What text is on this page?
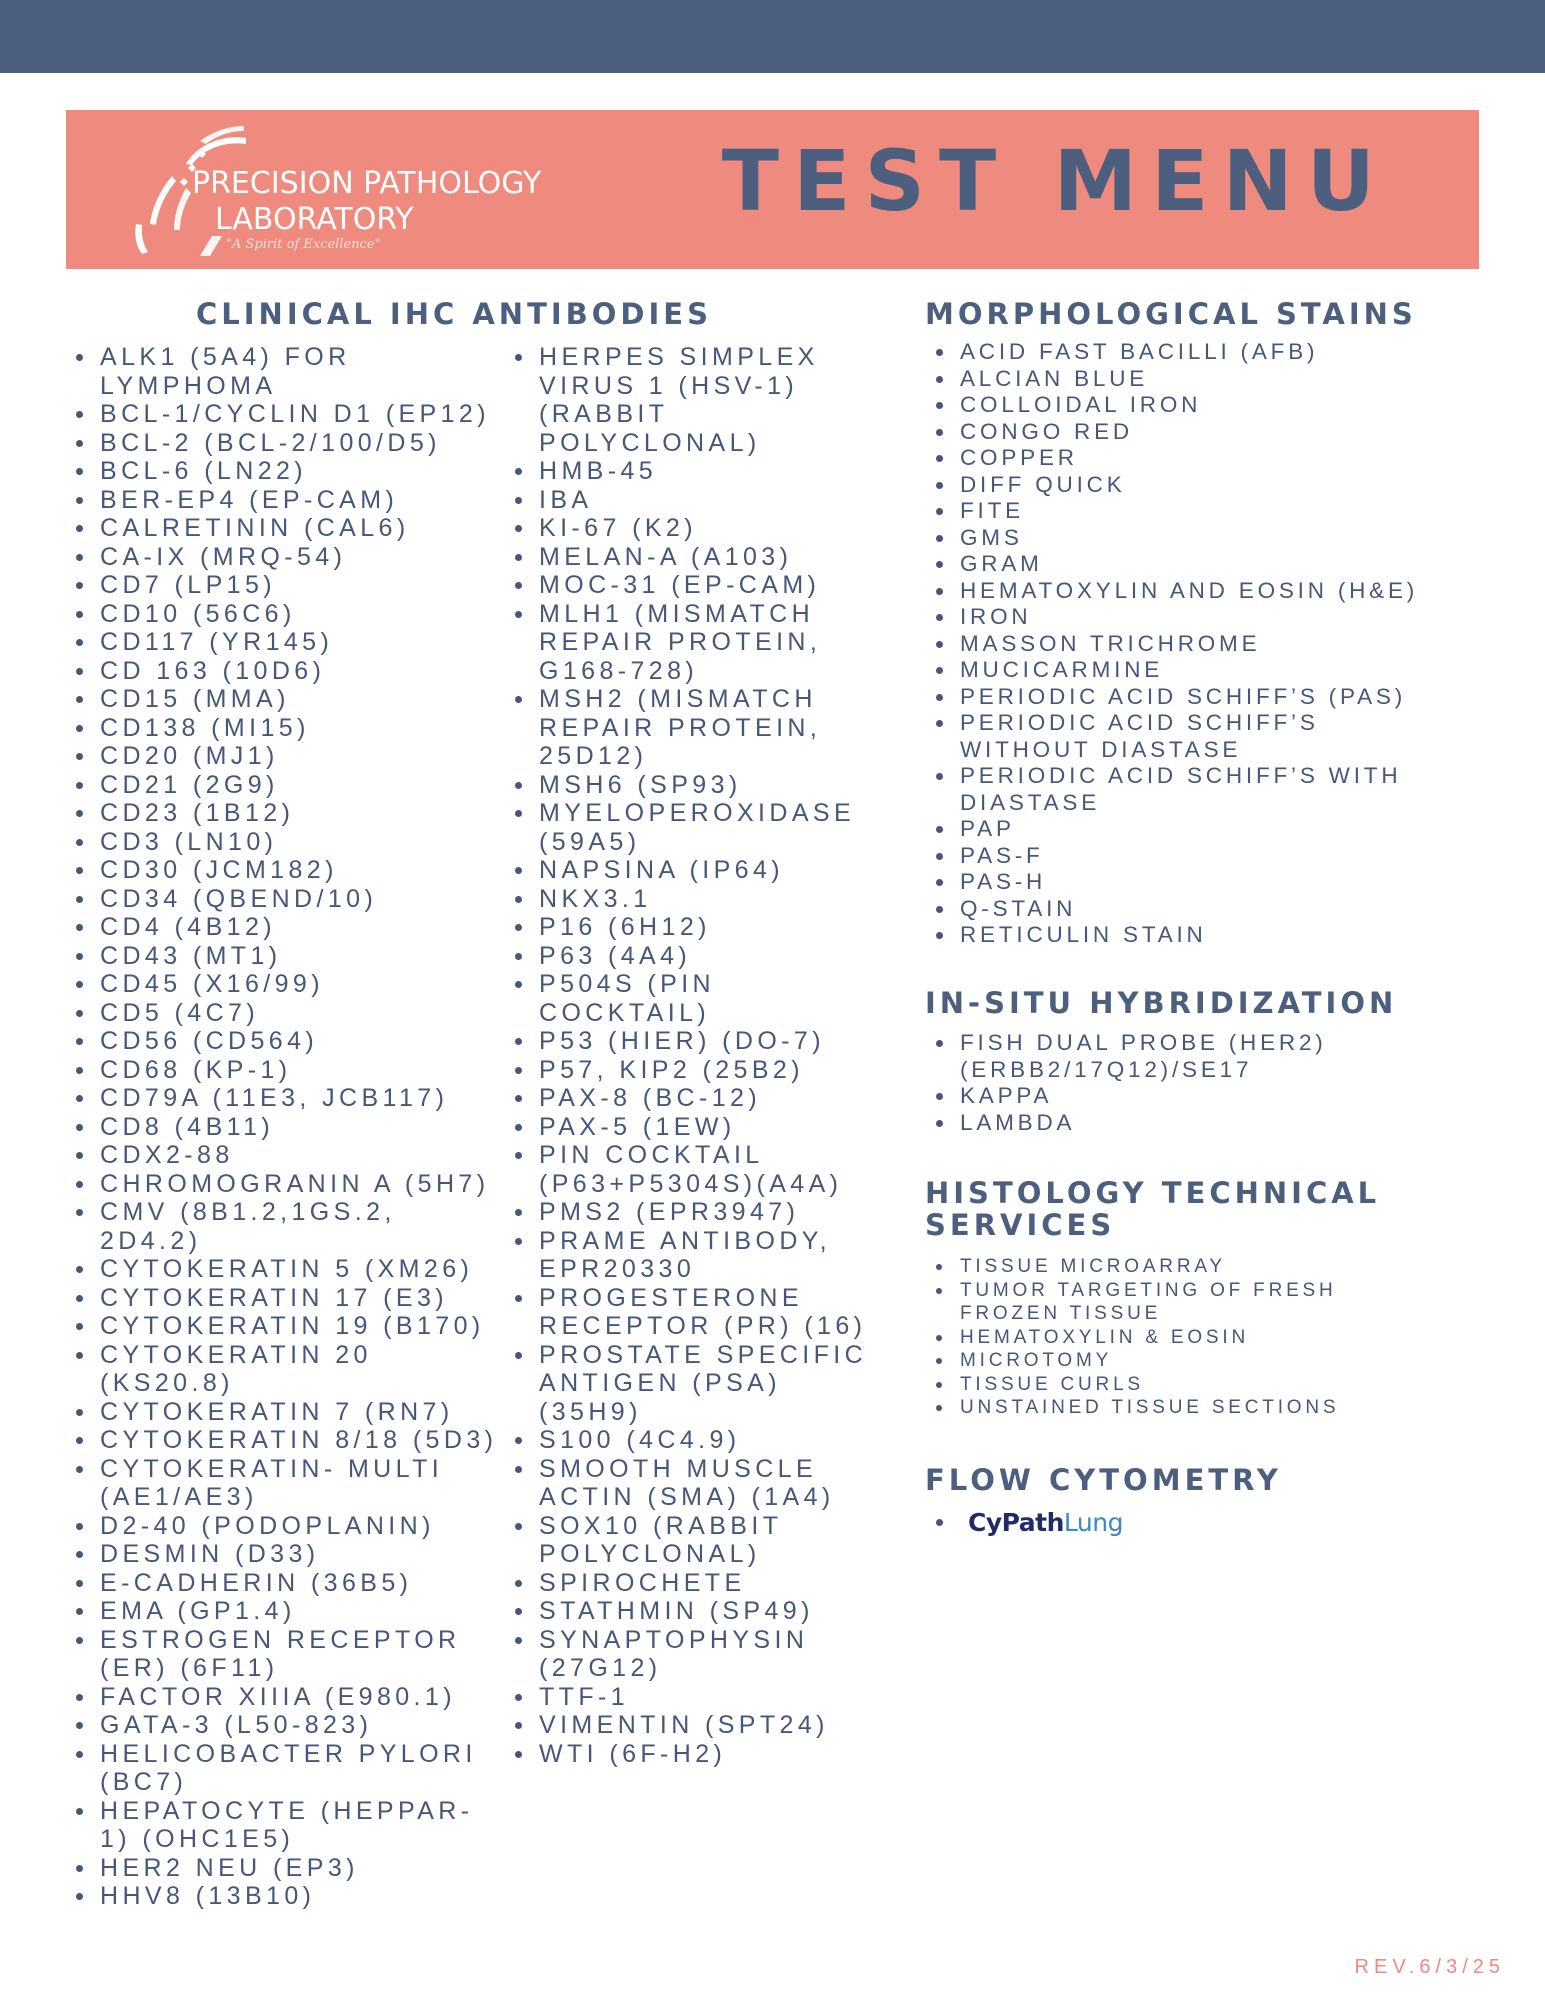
PRECISION PATHOLOGY
LABORATORY
"A Spirit of Excellence"
TEST MENU
CLINICAL IHC ANTIBODIES
ALK1 (5A4) FOR LYMPHOMA
BCL-1/CYCLIN D1 (EP12)
BCL-2 (BCL-2/100/D5)
BCL-6 (LN22)
BER-EP4 (EP-CAM)
CALRETININ (CAL6)
CA-IX (MRQ-54)
CD7 (LP15)
CD10 (56C6)
CD117 (YR145)
CD 163 (10D6)
CD15 (MMA)
CD138 (MI15)
CD20 (MJ1)
CD21 (2G9)
CD23 (1B12)
CD3 (LN10)
CD30 (JCM182)
CD34 (QBEND/10)
CD4 (4B12)
CD43 (MT1)
CD45 (X16/99)
CD5 (4C7)
CD56 (CD564)
CD68 (KP-1)
CD79A (11E3, JCB117)
CD8 (4B11)
CDX2-88
CHROMOGRANIN A (5H7)
CMV (8B1.2,1GS.2, 2D4.2)
CYTOKERATIN 5 (XM26)
CYTOKERATIN 17 (E3)
CYTOKERATIN 19 (B170)
CYTOKERATIN 20 (KS20.8)
CYTOKERATIN 7 (RN7)
CYTOKERATIN 8/18 (5D3)
CYTOKERATIN- MULTI (AE1/AE3)
D2-40 (PODOPLANIN)
DESMIN (D33)
E-CADHERIN (36B5)
EMA (GP1.4)
ESTROGEN RECEPTOR (ER) (6F11)
FACTOR XIIIA (E980.1)
GATA-3 (L50-823)
HELICOBACTER PYLORI (BC7)
HEPATOCYTE (HEPPAR-1) (OHC1E5)
HER2 NEU (EP3)
HHV8 (13B10)
HERPES SIMPLEX VIRUS 1 (HSV-1) (RABBIT POLYCLONAL)
HMB-45
IBA
KI-67 (K2)
MELAN-A (A103)
MOC-31 (EP-CAM)
MLH1 (MISMATCH REPAIR PROTEIN, G168-728)
MSH2 (MISMATCH REPAIR PROTEIN, 25D12)
MSH6 (SP93)
MYELOPEROXIDASE (59A5)
NAPSINA (IP64)
NKX3.1
P16 (6H12)
P63 (4A4)
P504S (PIN COCKTAIL)
P53 (HIER) (DO-7)
P57, KIP2 (25B2)
PAX-8 (BC-12)
PAX-5 (1EW)
PIN COCKTAIL (P63+P5304S)(A4A)
PMS2 (EPR3947)
PRAME ANTIBODY, EPR20330
PROGESTERONE RECEPTOR (PR) (16)
PROSTATE SPECIFIC ANTIGEN (PSA) (35H9)
S100 (4C4.9)
SMOOTH MUSCLE ACTIN (SMA) (1A4)
SOX10 (RABBIT POLYCLONAL)
SPIROCHETE
STATHMIN (SP49)
SYNAPTOPHYSIN (27G12)
TTF-1
VIMENTIN (SPT24)
WTI (6F-H2)
MORPHOLOGICAL STAINS
ACID FAST BACILLI (AFB)
ALCIAN BLUE
COLLOIDAL IRON
CONGO RED
COPPER
DIFF QUICK
FITE
GMS
GRAM
HEMATOXYLIN AND EOSIN (H&E)
IRON
MASSON TRICHROME
MUCICARMINE
PERIODIC ACID SCHIFF’S (PAS)
PERIODIC ACID SCHIFF’S WITHOUT DIASTASE
PERIODIC ACID SCHIFF’S WITH DIASTASE
PAP
PAS-F
PAS-H
Q-STAIN
RETICULIN STAIN
IN-SITU HYBRIDIZATION
FISH DUAL PROBE (HER2) (ERBB2/17Q12)/SE17
KAPPA
LAMBDA
HISTOLOGY TECHNICAL
SERVICES
TISSUE MICROARRAY
TUMOR TARGETING OF FRESH FROZEN TISSUE
HEMATOXYLIN & EOSIN
MICROTOMY
TISSUE CURLS
UNSTAINED TISSUE SECTIONS
FLOW CYTOMETRY
CyPathLung
REV.6/3/25
